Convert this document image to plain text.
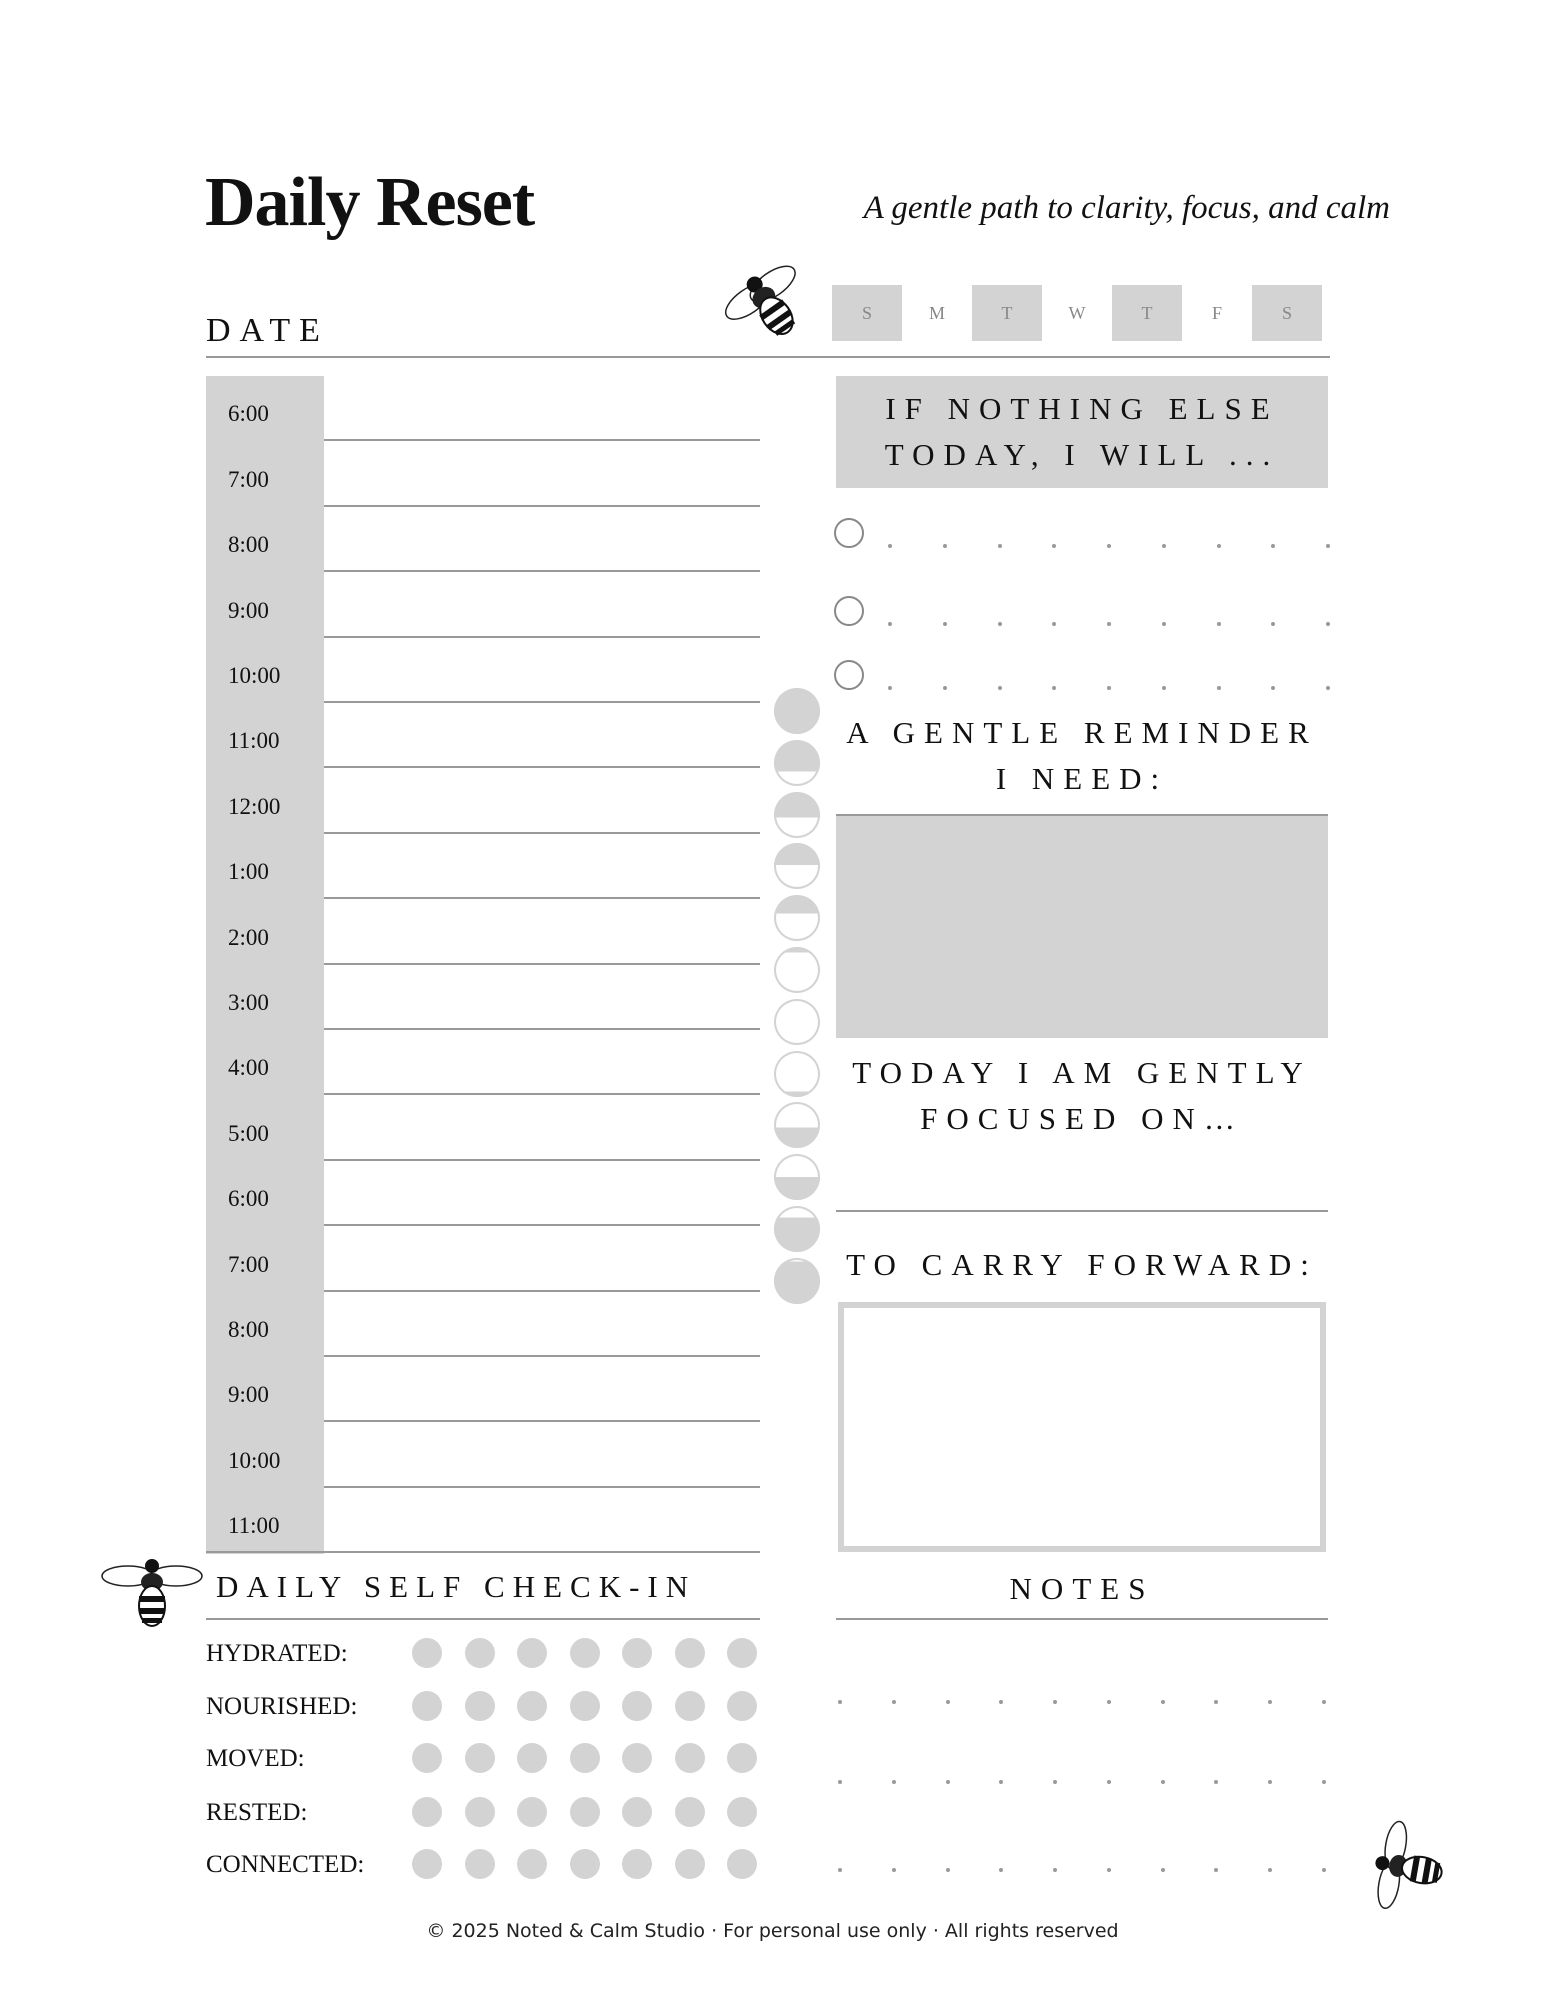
Daily Reset	A gentle path to clarity, focus, and calm
DATE	S	M	T	W	T	F	S
6:00
7:00
8:00
9:00
10:00
11:00
12:00
1:00
2:00
3:00
4:00
5:00
6:00
7:00
8:00
9:00
10:00
11:00
IF NOTHING ELSE
TODAY, I WILL ...
A GENTLE REMINDER
I NEED:
TODAY I AM GENTLY
FOCUSED ON…
TO CARRY FORWARD:
NOTES
DAILY SELF CHECK-IN
HYDRATED:
NOURISHED:
MOVED:
RESTED:
CONNECTED:
© 2025 Noted & Calm Studio · For personal use only · All rights reserved
